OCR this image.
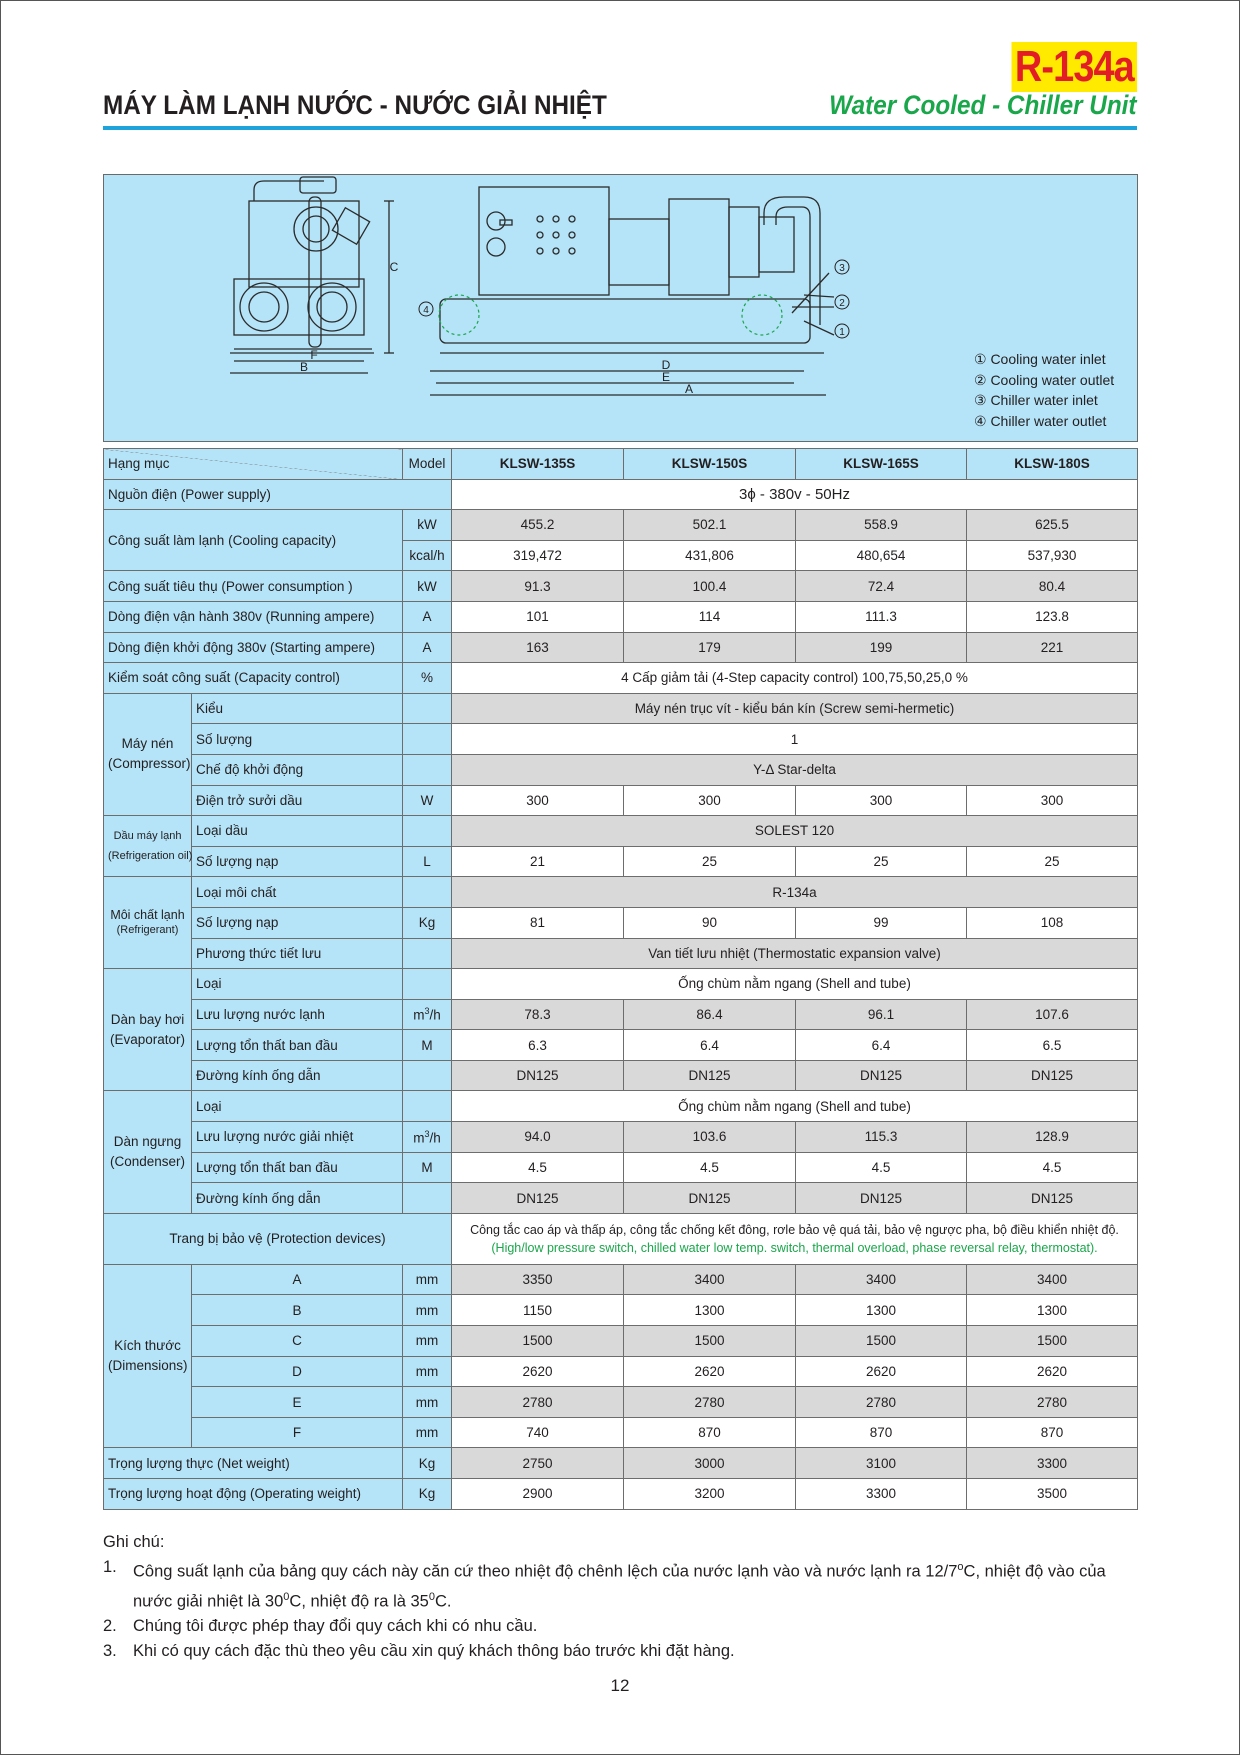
R-134a
MÁY LÀM LẠNH NƯỚC - NƯỚC GIẢI NHIỆT	Water Cooled - Chiller Unit
C
F
B	D
E
A
3
2
1
4
① Cooling water inlet
② Cooling water outlet
③ Chiller water inlet
④ Chiller water outlet
Hạng mục		Model	KLSW-135S	KLSW-150S	KLSW-165S	KLSW-180S
Nguồn điện (Power supply)			3ϕ - 380v - 50Hz			
Công suất làm lạnh (Cooling capacity)		kW	455.2	502.1	558.9	625.5
		kcal/h	319,472	431,806	480,654	537,930
Công suất tiêu thụ (Power consumption )		kW	91.3	100.4	72.4	80.4
Dòng điện vận hành 380v (Running ampere)		A	101	114	111.3	123.8
Dòng điện khởi động 380v (Starting ampere)		A	163	179	199	221
Kiểm soát công suất (Capacity control)		%	4 Cấp giảm tải (4-Step capacity control) 100,75,50,25,0 %			
Máy nén
(Compressor)	Kiểu		Máy nén trục vít - kiểu bán kín (Screw semi-hermetic)			
	Số lượng		1			
	Chế độ khởi động		Y-Δ Star-delta			
	Điện trở sưởi dầu	W	300	300	300	300
Dầu máy lạnh
(Refrigeration oil)	Loại dầu		SOLEST 120			
	Số lượng nạp	L	21	25	25	25
Môi chất lạnh
(Refrigerant)	Loại môi chất		R-134a			
	Số lượng nạp	Kg	81	90	99	108
	Phương thức tiết lưu		Van tiết lưu nhiệt (Thermostatic expansion valve)			
Dàn bay hơi
(Evaporator)	Loại		Ống chùm nằm ngang (Shell and tube)			
	Lưu lượng nước lạnh	$m^3/h$	78.3	86.4	96.1	107.6
	Lượng tổn thất ban đầu	M	6.3	6.4	6.4	6.5
	Đường kính ống dẫn		DN125	DN125	DN125	DN125
Dàn ngưng
(Condenser)	Loại		Ống chùm nằm ngang (Shell and tube)			
	Lưu lượng nước giải nhiệt	$m^3/h$	94.0	103.6	115.3	128.9
	Lượng tổn thất ban đầu	M	4.5	4.5	4.5	4.5
	Đường kính ống dẫn		DN125	DN125	DN125	DN125
Trang bị bảo vệ (Protection devices)			Công tắc cao áp và thấp áp, công tắc chống kết đông, rơle bảo vệ quá tải, bảo vệ ngược pha, bộ điều khiển nhiệt độ.
(High/low pressure switch, chilled water low temp. switch, thermal overload, phase reversal relay, thermostat).			

Kích thước
(Dimensions)	A	mm	3350	3400	3400	3400
	B	mm	1150	1300	1300	1300
	C	mm	1500	1500	1500	1500
	D	mm	2620	2620	2620	2620
	E	mm	2780	2780	2780	2780
	F	mm	740	870	870	870
Trọng lượng thực (Net weight)		Kg	2750	3000	3100	3300
Trọng lượng hoạt động (Operating weight)		Kg	2900	3200	3300	3500
Ghi chú:
1. Công suất lạnh của bảng quy cách này căn cứ theo nhiệt độ chênh lệch của nước lạnh vào và nước lạnh ra 12/7$^o$C, nhiệt độ vào của nước giải nhiệt là $30^0C$, nhiệt độ ra là $35^0C$.
2. Chúng tôi được phép thay đổi quy cách khi có nhu cầu.
3. Khi có quy cách đặc thù theo yêu cầu xin quý khách thông báo trước khi đặt hàng.
12
